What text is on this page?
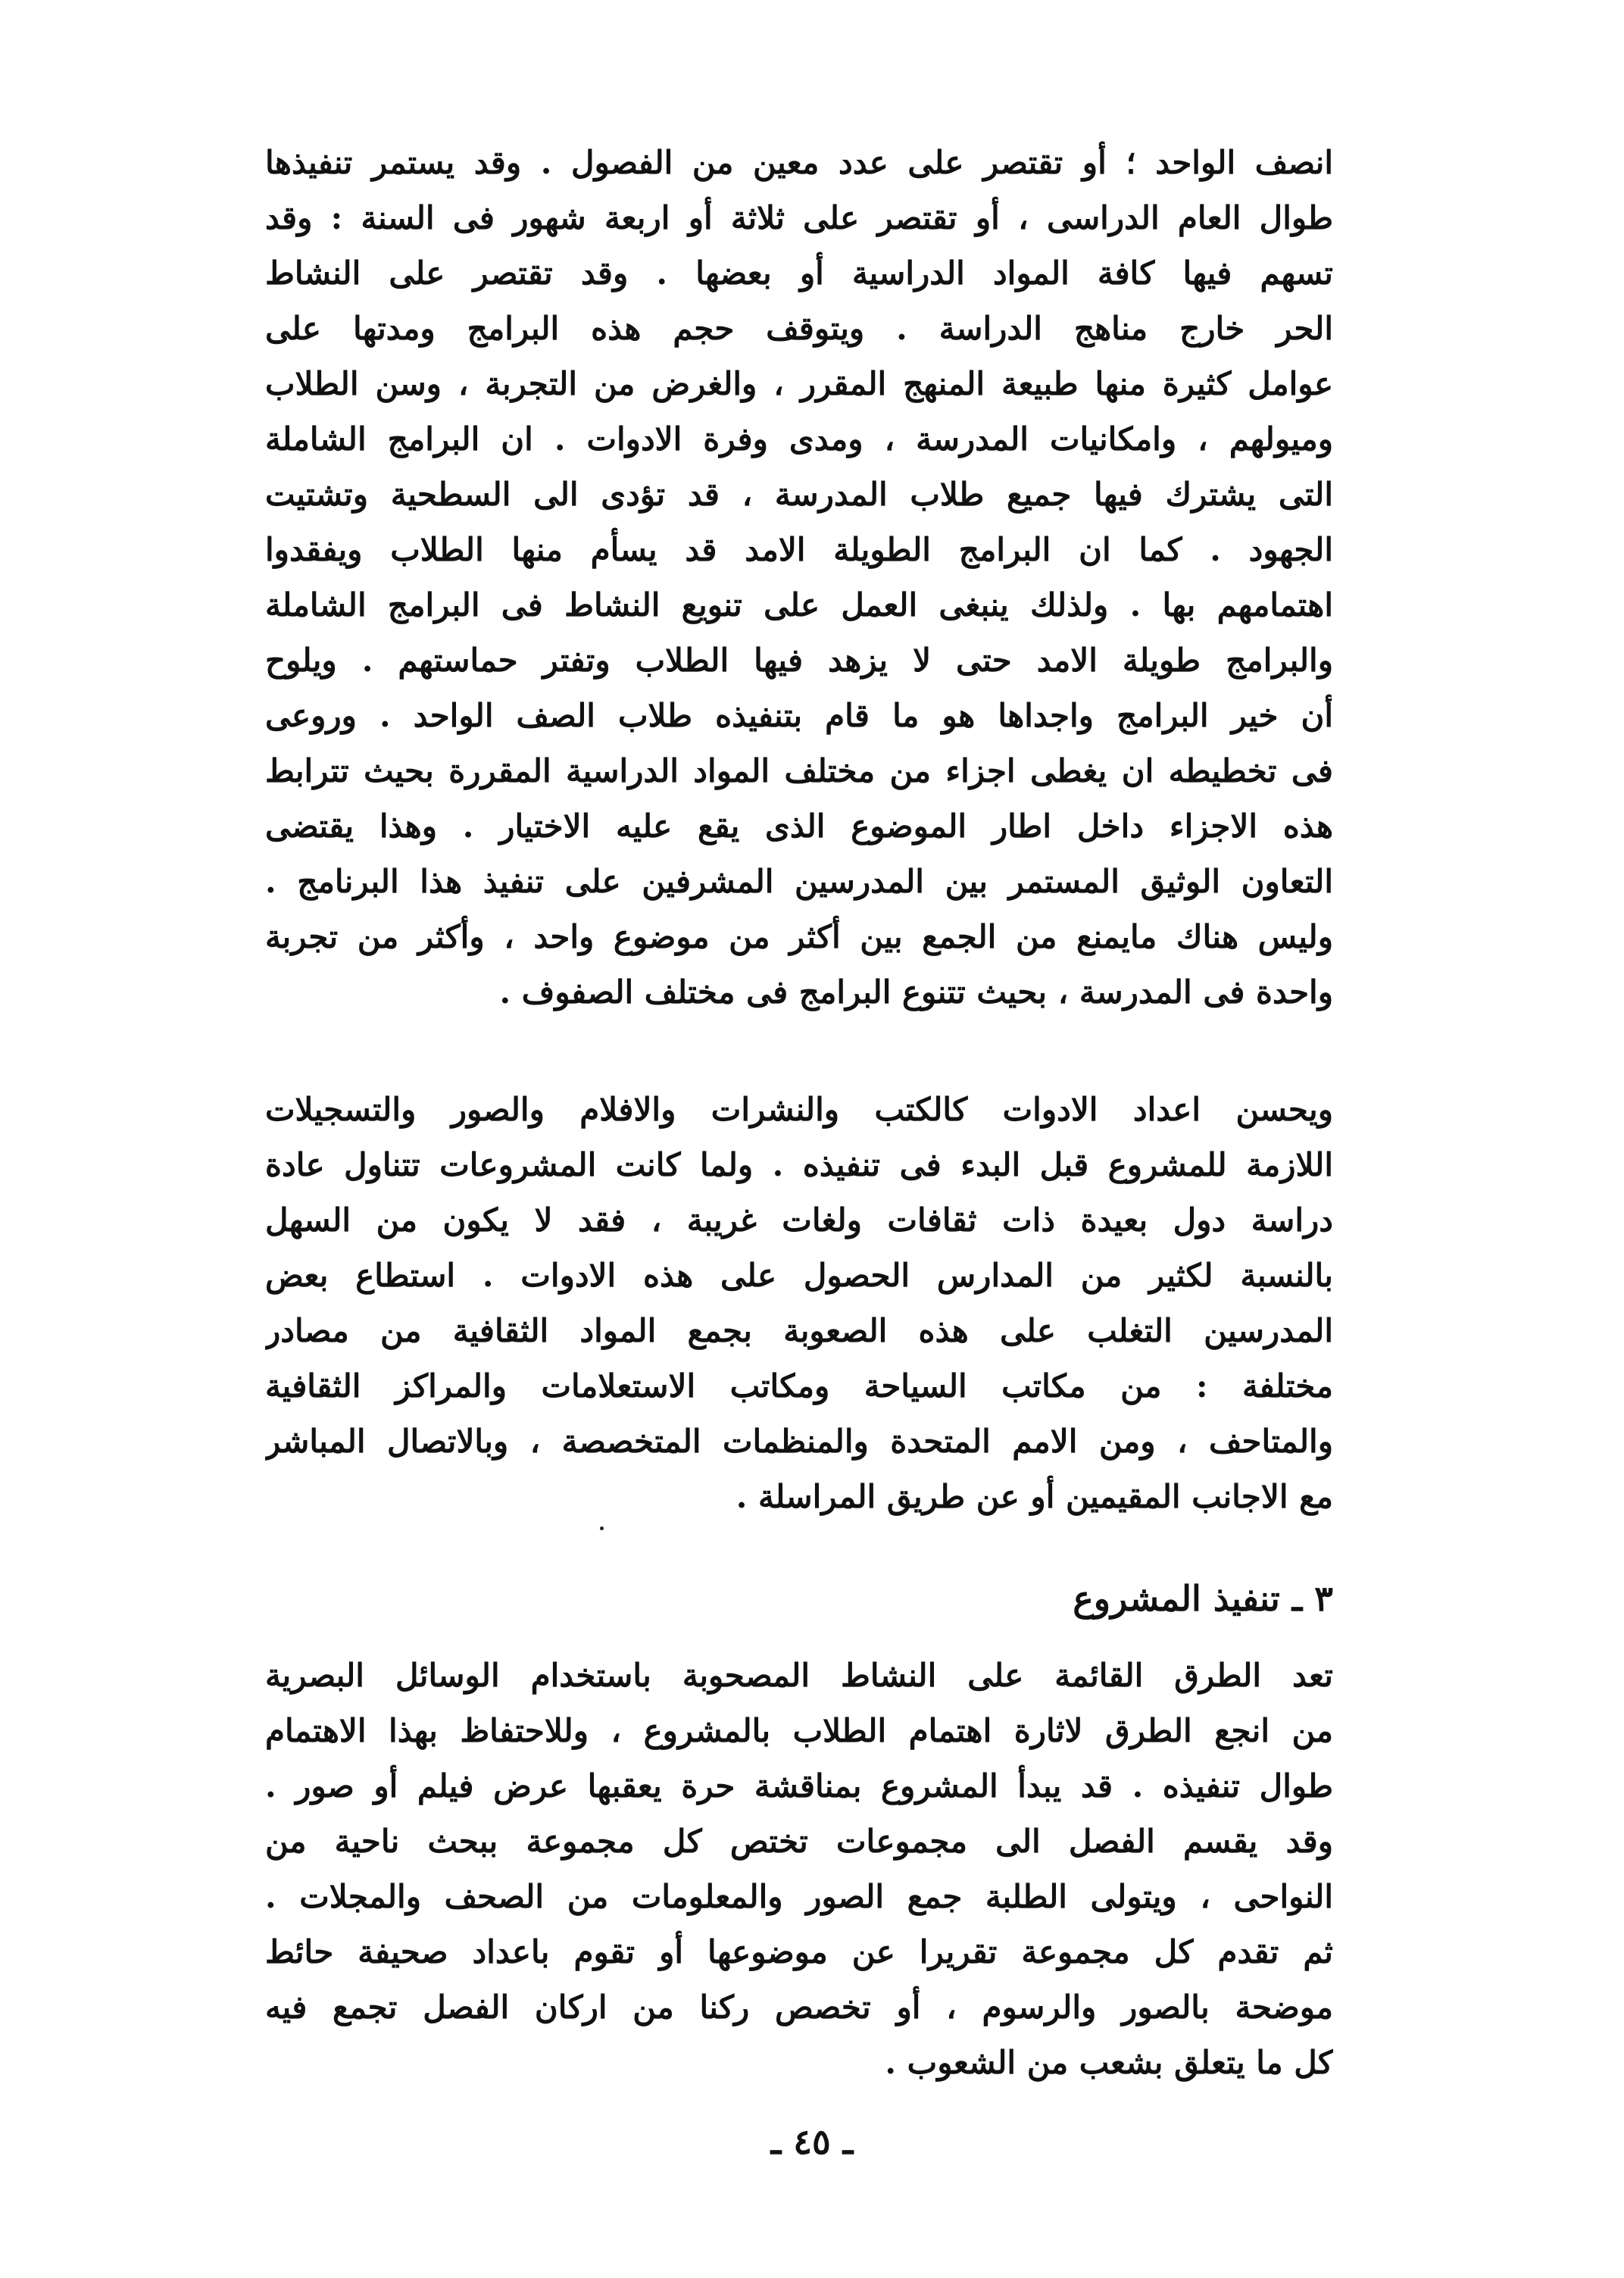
انصف الواحد ؛ أو تقتصر على عدد معين من الفصول . وقد يستمر تنفيذها
طوال العام الدراسى ، أو تقتصر على ثلاثة أو اربعة شهور فى السنة : وقد
تسهم فيها كافة المواد الدراسية أو بعضها . وقد تقتصر على النشاط
الحر خارج مناهج الدراسة . ويتوقف حجم هذه البرامج ومدتها على
عوامل كثيرة منها طبيعة المنهج المقرر ، والغرض من التجربة ، وسن الطلاب
وميولهم ، وامكانيات المدرسة ، ومدى وفرة الادوات . ان البرامج الشاملة
التى يشترك فيها جميع طلاب المدرسة ، قد تؤدى الى السطحية وتشتيت
الجهود . كما ان البرامج الطويلة الامد قد يسأم منها الطلاب ويفقدوا
اهتمامهم بها . ولذلك ينبغى العمل على تنويع النشاط فى البرامج الشاملة
والبرامج طويلة الامد حتى لا يزهد فيها الطلاب وتفتر حماستهم . ويلوح
أن خير البرامج واجداها هو ما قام بتنفيذه طلاب الصف الواحد . وروعى
فى تخطيطه ان يغطى اجزاء من مختلف المواد الدراسية المقررة بحيث تترابط
هذه الاجزاء داخل اطار الموضوع الذى يقع عليه الاختيار . وهذا يقتضى
التعاون الوثيق المستمر بين المدرسين المشرفين على تنفيذ هذا البرنامج .
وليس هناك مايمنع من الجمع بين أكثر من موضوع واحد ، وأكثر من تجربة
واحدة فى المدرسة ، بحيث تتنوع البرامج فى مختلف الصفوف .

ويحسن اعداد الادوات كالكتب والنشرات والافلام والصور والتسجيلات
اللازمة للمشروع قبل البدء فى تنفيذه . ولما كانت المشروعات تتناول عادة
دراسة دول بعيدة ذات ثقافات ولغات غريبة ، فقد لا يكون من السهل
بالنسبة لكثير من المدارس الحصول على هذه الادوات . استطاع بعض
المدرسين التغلب على هذه الصعوبة بجمع المواد الثقافية من مصادر
مختلفة : من مكاتب السياحة ومكاتب الاستعلامات والمراكز الثقافية
والمتاحف ، ومن الامم المتحدة والمنظمات المتخصصة ، وبالاتصال المباشر
مع الاجانب المقيمين أو عن طريق المراسلة .

٣ ـ تنفيذ المشروع

تعد الطرق القائمة على النشاط المصحوبة باستخدام الوسائل البصرية
من انجع الطرق لاثارة اهتمام الطلاب بالمشروع ، وللاحتفاظ بهذا الاهتمام
طوال تنفيذه . قد يبدأ المشروع بمناقشة حرة يعقبها عرض فيلم أو صور .
وقد يقسم الفصل الى مجموعات تختص كل مجموعة ببحث ناحية من
النواحى ، ويتولى الطلبة جمع الصور والمعلومات من الصحف والمجلات .
ثم تقدم كل مجموعة تقريرا عن موضوعها أو تقوم باعداد صحيفة حائط
موضحة بالصور والرسوم ، أو تخصص ركنا من اركان الفصل تجمع فيه
كل ما يتعلق بشعب من الشعوب .

ـ ٤٥ ـ
